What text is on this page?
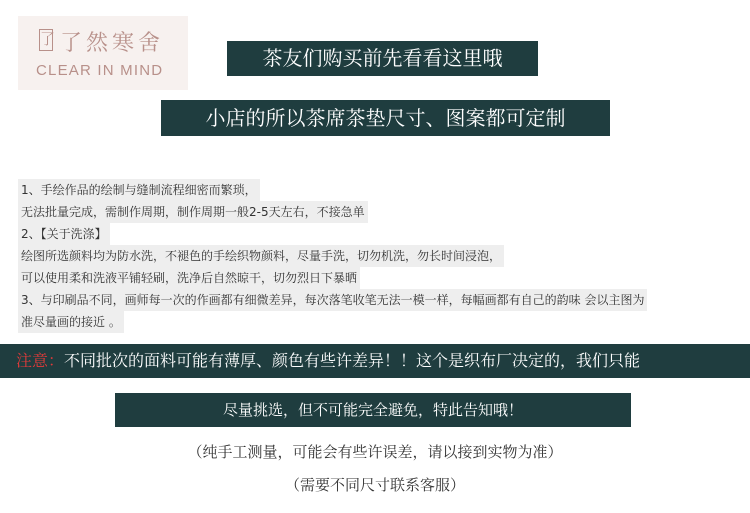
了 了然寒舍
CLEAR IN MIND
茶友们购买前先看看这里哦
小店的所以茶席茶垫尺寸、图案都可定制
1、手绘作品的绘制与缝制流程细密而繁琐，
无法批量完成，需制作周期，制作周期一般2-5天左右，不接急单
2、【关于洗涤】
绘图所选颜料均为防水洗，不褪色的手绘织物颜料，尽量手洗，切勿机洗，勿长时间浸泡，
可以使用柔和洗液平铺轻刷，洗净后自然晾干，切勿烈日下暴晒
3、与印刷品不同，画师每一次的作画都有细微差异，每次落笔收笔无法一模一样，每幅画都有自己的韵味 会以主图为
准尽量画的接近 。
注意：不同批次的面料可能有薄厚、颜色有些许差异！！这个是织布厂决定的，我们只能
尽量挑选，但不可能完全避免，特此告知哦！
（纯手工测量，可能会有些许误差，请以接到实物为准）
（需要不同尺寸联系客服）
